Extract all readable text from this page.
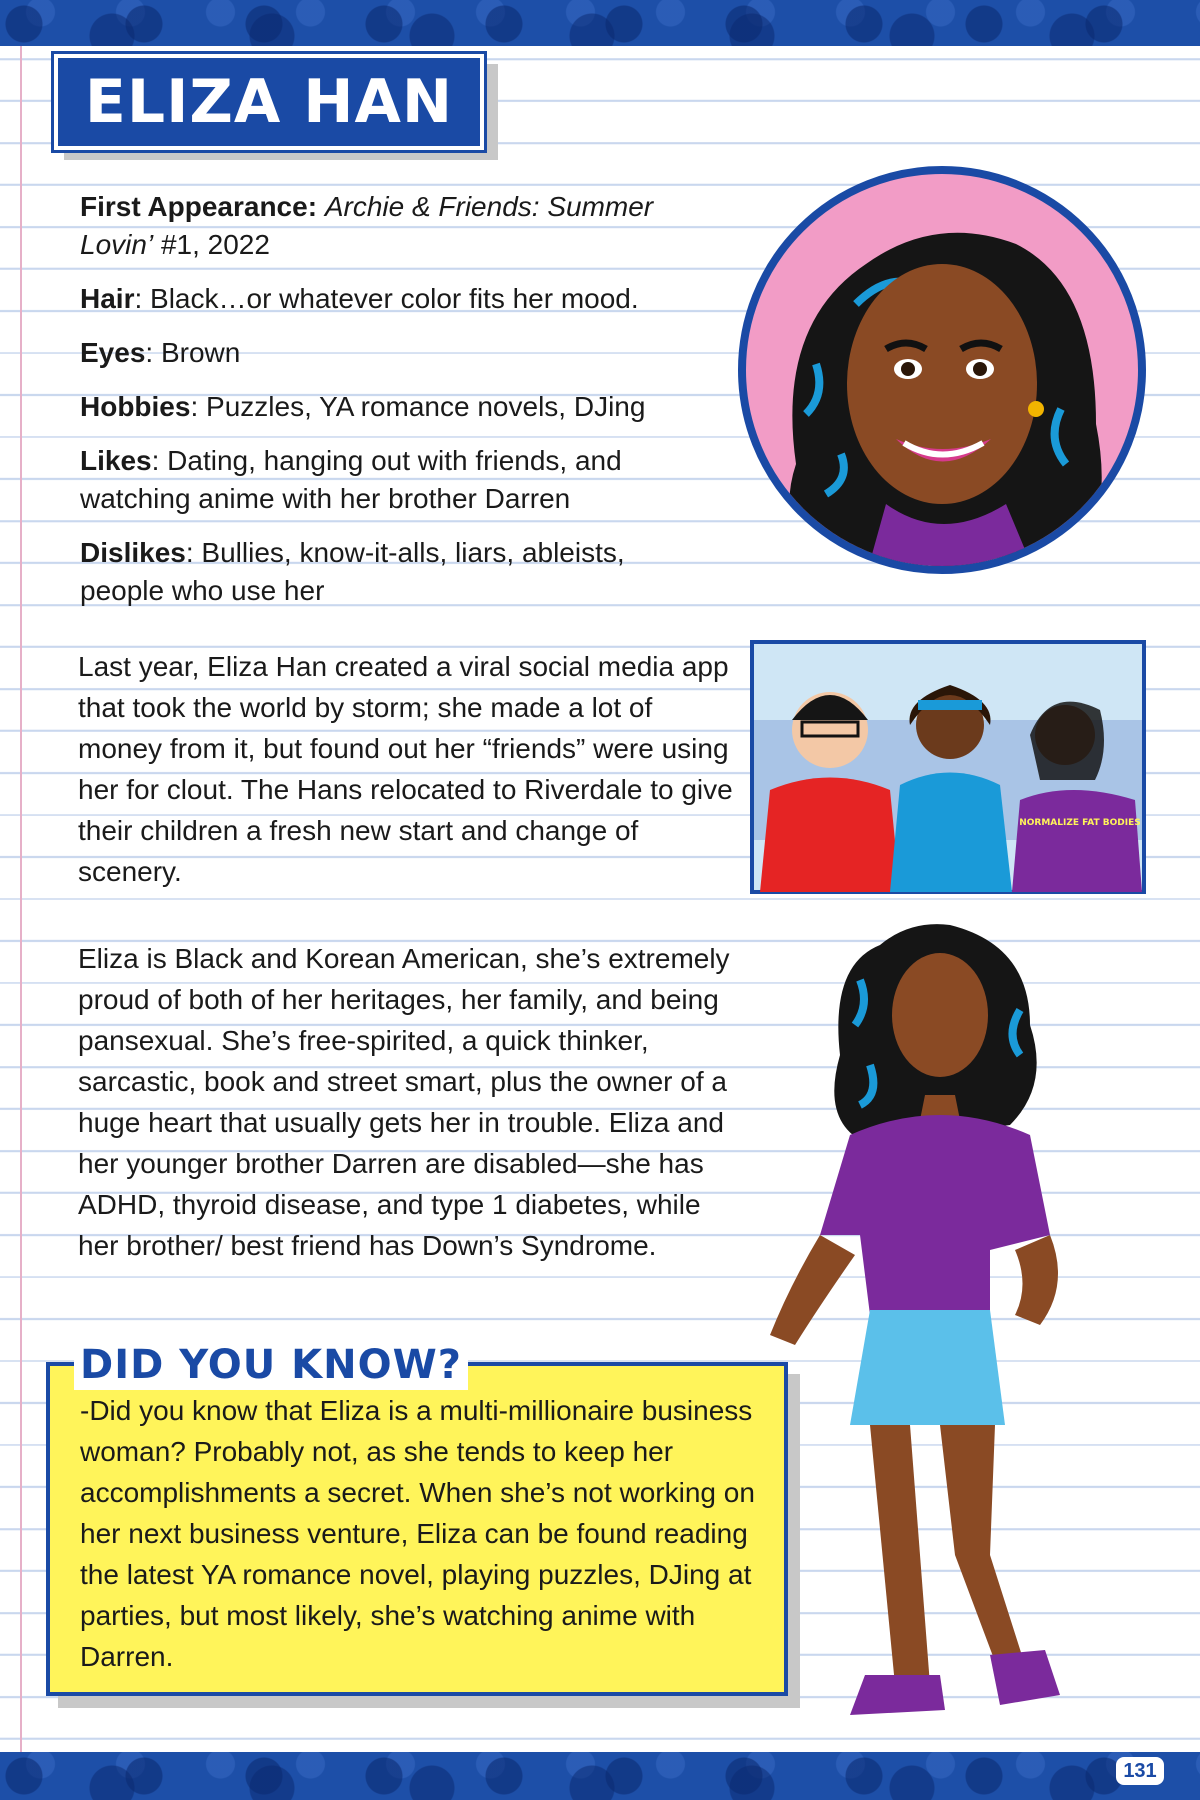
ELIZA HAN

First Appearance: Archie & Friends: Summer Lovin’ #1, 2022

Hair: Black…or whatever color fits her mood.

Eyes: Brown

Hobbies: Puzzles, YA romance novels, DJing

Likes: Dating, hanging out with friends, and watching anime with her brother Darren

Dislikes: Bullies, know-it-alls, liars, ableists, people who use her

Last year, Eliza Han created a viral social media app that took the world by storm; she made a lot of money from it, but found out her “friends” were using her for clout. The Hans relocated to Riverdale to give their children a fresh new start and change of scenery.

Eliza is Black and Korean American, she’s extremely proud of both of her heritages, her family, and being pansexual. She’s free-spirited, a quick thinker, sarcastic, book and street smart, plus the owner of a huge heart that usually gets her in trouble. Eliza and her younger brother Darren are disabled—she has ADHD, thyroid disease, and type 1 diabetes, while her brother/ best friend has Down’s Syndrome.

NORMALIZE FAT BODIES
DID YOU KNOW?

-Did you know that Eliza is a multi-millionaire business woman? Probably not, as she tends to keep her accomplishments a secret. When she’s not working on her next business venture, Eliza can be found reading the latest YA romance novel, playing puzzles, DJing at parties, but most likely, she’s watching anime with Darren.

131
